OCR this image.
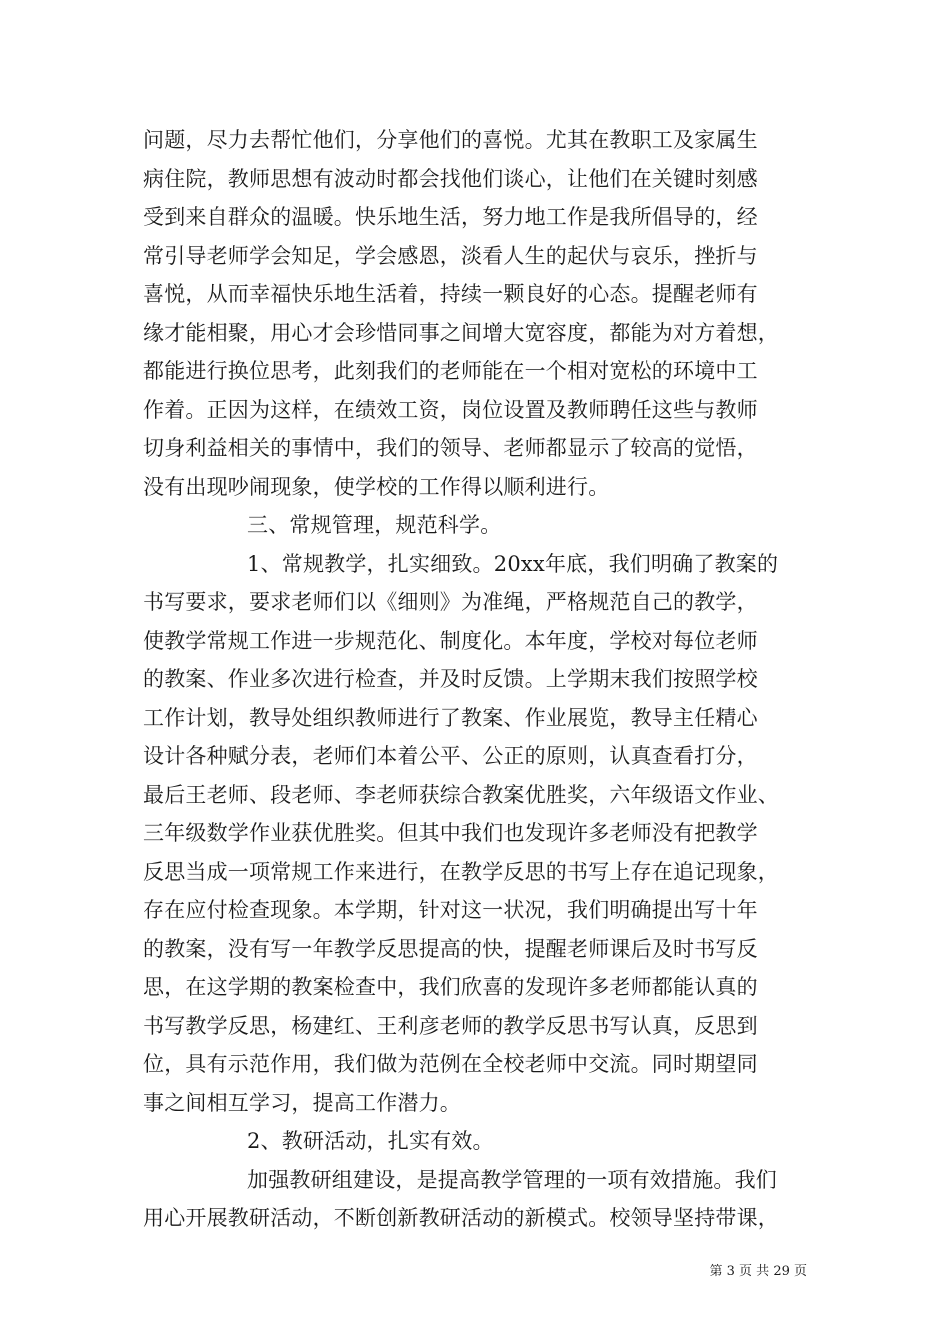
问题，尽力去帮忙他们，分享他们的喜悦。尤其在教职工及家属生
病住院，教师思想有波动时都会找他们谈心，让他们在关键时刻感
受到来自群众的温暖。快乐地生活，努力地工作是我所倡导的，经
常引导老师学会知足，学会感恩，淡看人生的起伏与哀乐，挫折与
喜悦，从而幸福快乐地生活着，持续一颗良好的心态。提醒老师有
缘才能相聚，用心才会珍惜同事之间增大宽容度，都能为对方着想，
都能进行换位思考，此刻我们的老师能在一个相对宽松的环境中工
作着。正因为这样，在绩效工资，岗位设置及教师聘任这些与教师
切身利益相关的事情中，我们的领导、老师都显示了较高的觉悟，
没有出现吵闹现象，使学校的工作得以顺利进行。
三、常规管理，规范科学。
1、常规教学，扎实细致。20xx年底，我们明确了教案的
书写要求，要求老师们以《细则》为准绳，严格规范自己的教学，
使教学常规工作进一步规范化、制度化。本年度，学校对每位老师
的教案、作业多次进行检查，并及时反馈。上学期末我们按照学校
工作计划，教导处组织教师进行了教案、作业展览，教导主任精心
设计各种赋分表，老师们本着公平、公正的原则，认真查看打分，
最后王老师、段老师、李老师获综合教案优胜奖，六年级语文作业、
三年级数学作业获优胜奖。但其中我们也发现许多老师没有把教学
反思当成一项常规工作来进行，在教学反思的书写上存在追记现象，
存在应付检查现象。本学期，针对这一状况，我们明确提出写十年
的教案，没有写一年教学反思提高的快，提醒老师课后及时书写反
思，在这学期的教案检查中，我们欣喜的发现许多老师都能认真的
书写教学反思，杨建红、王利彦老师的教学反思书写认真，反思到
位，具有示范作用，我们做为范例在全校老师中交流。同时期望同
事之间相互学习，提高工作潜力。
2、教研活动，扎实有效。
加强教研组建设，是提高教学管理的一项有效措施。我们
用心开展教研活动，不断创新教研活动的新模式。校领导坚持带课，
第 3 页 共 29 页
